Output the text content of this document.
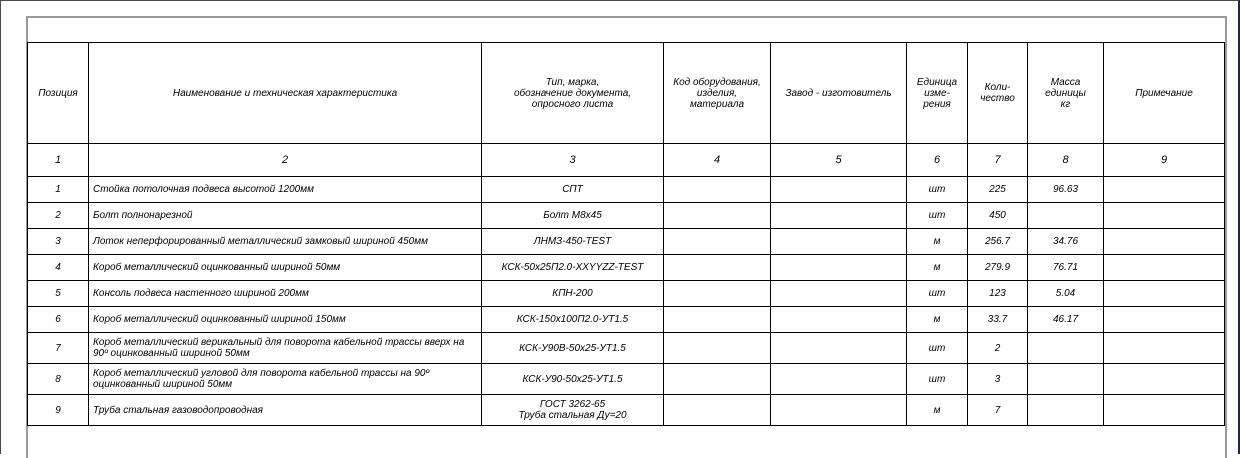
Позиция	Наименование и техническая характеристика	Тип, марка,
обозначение документа,
опросного листа	Код оборудования,
изделия,
материала	Завод - изготовитель	Единица
изме-
рения	Коли-
чество	Масса
единицы
кг	Примечание
1	2	3	4	5	6	7	8	9
1	Стойка потолочная подвеса высотой 1200мм	СПТ			шт	225	96.63	
2	Болт полнонарезной	Болт М8х45			шт	450		
3	Лоток неперфорированный металлический замковый шириной 450мм	ЛНМЗ-450-TEST			м	256.7	34.76	
4	Короб металлический оцинкованный шириной 50мм	КСК-50х25П2.0-XXYYZZ-TEST			м	279.9	76.71	
5	Консоль подвеса настенного шириной 200мм	КПН-200			шт	123	5.04	
6	Короб металлический оцинкованный шириной 150мм	КСК-150х100П2.0-УТ1.5			м	33.7	46.17	
7	Короб металлический верикальный для поворота кабельной трассы вверх на 90º оцинкованный шириной 50мм	КСК-У90В-50х25-УТ1.5			шт	2		
8	Короб металлический угловой для поворота кабельной трассы на 90º оцинкованный шириной 50мм	КСК-У90-50х25-УТ1.5			шт	3		
9	Труба стальная газоводопроводная	ГОСТ 3262-65
Труба стальная Ду=20			м	7		
